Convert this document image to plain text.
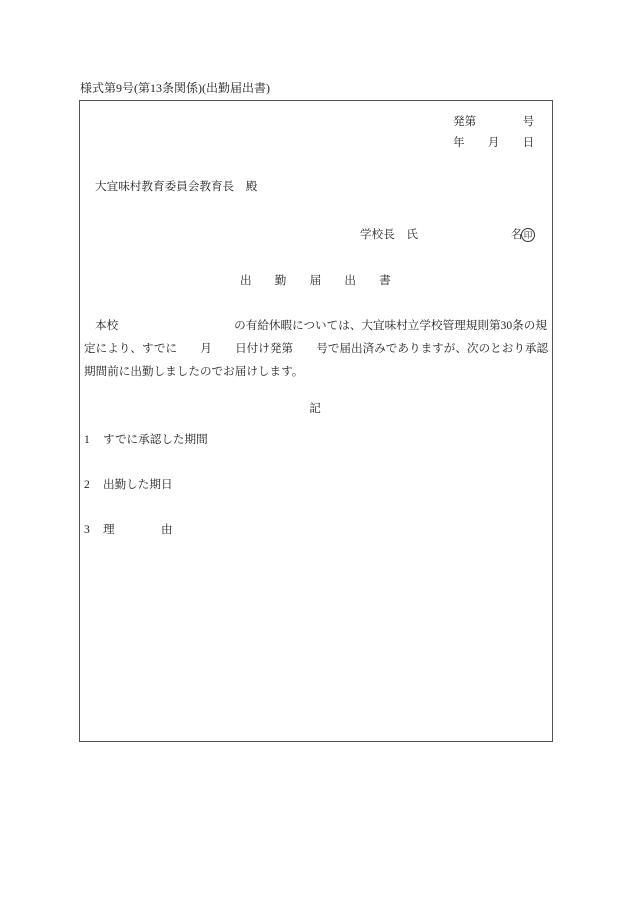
様式第9号(第13条関係)(出勤届出書)
発第　　　　号
年　　月　　日
大宜味村教育委員会教育長　殿
学校長　氏　　　　　　　　名 印
出　　勤　　届　　出　　書
本校　　　　　　　　　　の有給休暇については、大宜味村立学校管理規則第30条の規
定により、すでに　　月　　日付け発第　　号で届出済みでありますが、次のとおり承認
期間前に出勤しましたのでお届けします。
記
1 すでに承認した期間
2 出勤した期日
3 理　　　　由
